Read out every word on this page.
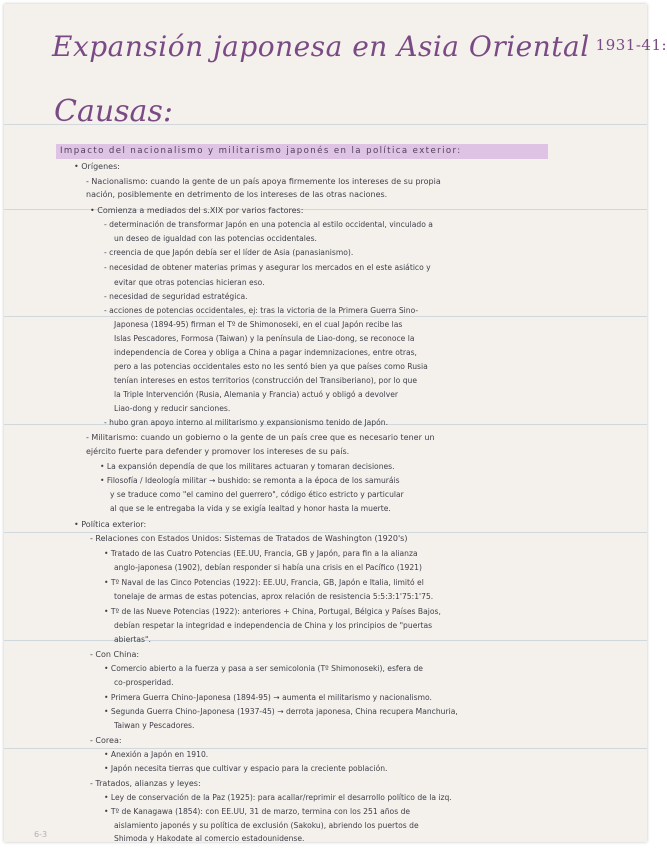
Expansión japonesa en Asia Oriental $^{1931-41:}$
Causas:
Impacto del nacionalismo y militarismo japonés en la política exterior:
• Orígenes:
- Nacionalismo: cuando la gente de un país apoya firmemente los intereses de su propia
nación, posiblemente en detrimento de los intereses de las otras naciones.
• Comienza a mediados del s.XIX por varios factores:
- determinación de transformar Japón en una potencia al estilo occidental, vinculado a
un deseo de igualdad con las potencias occidentales.
- creencia de que Japón debía ser el líder de Asia (panasianismo).
- necesidad de obtener materias primas y asegurar los mercados en el este asiático y
evitar que otras potencias hicieran eso.
- necesidad de seguridad estratégica.
- acciones de potencias occidentales, ej: tras la victoria de la Primera Guerra Sino-
Japonesa (1894-95) firman el Tº de Shimonoseki, en el cual Japón recibe las
Islas Pescadores, Formosa (Taiwan) y la península de Liao-dong, se reconoce la
independencia de Corea y obliga a China a pagar indemnizaciones, entre otras,
pero a las potencias occidentales esto no les sentó bien ya que países como Rusia
tenían intereses en estos territorios (construcción del Transiberiano), por lo que
la Triple Intervención (Rusia, Alemania y Francia) actuó y obligó a devolver
Liao-dong y reducir sanciones.
- hubo gran apoyo interno al militarismo y expansionismo tenido de Japón.
- Militarismo: cuando un gobierno o la gente de un país cree que es necesario tener un
ejército fuerte para defender y promover los intereses de su país.
• La expansión dependía de que los militares actuaran y tomaran decisiones.
• Filosofía / Ideología militar → bushido: se remonta a la época de los samuráis
y se traduce como "el camino del guerrero", código ético estricto y particular
al que se le entregaba la vida y se exigía lealtad y honor hasta la muerte.
• Política exterior:
- Relaciones con Estados Unidos: Sistemas de Tratados de Washington (1920's)
• Tratado de las Cuatro Potencias (EE.UU, Francia, GB y Japón, para fin a la alianza
anglo-japonesa (1902), debían responder si había una crisis en el Pacífico (1921)
• Tº Naval de las Cinco Potencias (1922): EE.UU, Francia, GB, Japón e Italia, limitó el
tonelaje de armas de estas potencias, aprox relación de resistencia 5:5:3:1'75:1'75.
• Tº de las Nueve Potencias (1922): anteriores + China, Portugal, Bélgica y Países Bajos,
debían respetar la integridad e independencia de China y los principios de "puertas
abiertas".
- Con China:
• Comercio abierto a la fuerza y pasa a ser semicolonia (Tº Shimonoseki), esfera de
co-prosperidad.
• Primera Guerra Chino-Japonesa (1894-95) → aumenta el militarismo y nacionalismo.
• Segunda Guerra Chino-Japonesa (1937-45) → derrota japonesa, China recupera Manchuria,
Taiwan y Pescadores.
- Corea:
• Anexión a Japón en 1910.
• Japón necesita tierras que cultivar y espacio para la creciente población.
- Tratados, alianzas y leyes:
• Ley de conservación de la Paz (1925): para acallar/reprimir el desarrollo político de la izq.
• Tº de Kanagawa (1854): con EE.UU, 31 de marzo, termina con los 251 años de
aislamiento japonés y su política de exclusión (Sakoku), abriendo los puertos de
Shimoda y Hakodate al comercio estadounidense.
6-3
